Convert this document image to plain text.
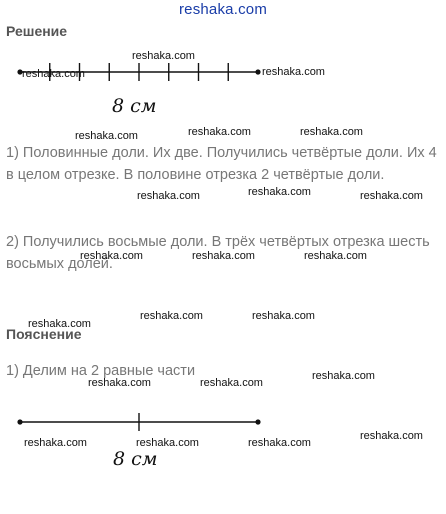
reshaka.com
Решение
8 см
1) Половинные доли. Их две. Получились четвёртые доли. Их 4 в целом отрезке. В половине отрезка 2 четвёртые доли.
2) Получились восьмые доли. В трёх четвёртых отрезка шесть восьмых долей.
Пояснение
1) Делим на 2 равные части
8 см
reshaka.com
reshaka.com	reshaka.com
reshaka.com	reshaka.com	reshaka.com
reshaka.com
reshaka.com	reshaka.com
reshaka.com	reshaka.com	reshaka.com
reshaka.com	reshaka.com
reshaka.com
reshaka.com	reshaka.com
reshaka.com
reshaka.com	reshaka.com	reshaka.com
reshaka.com
